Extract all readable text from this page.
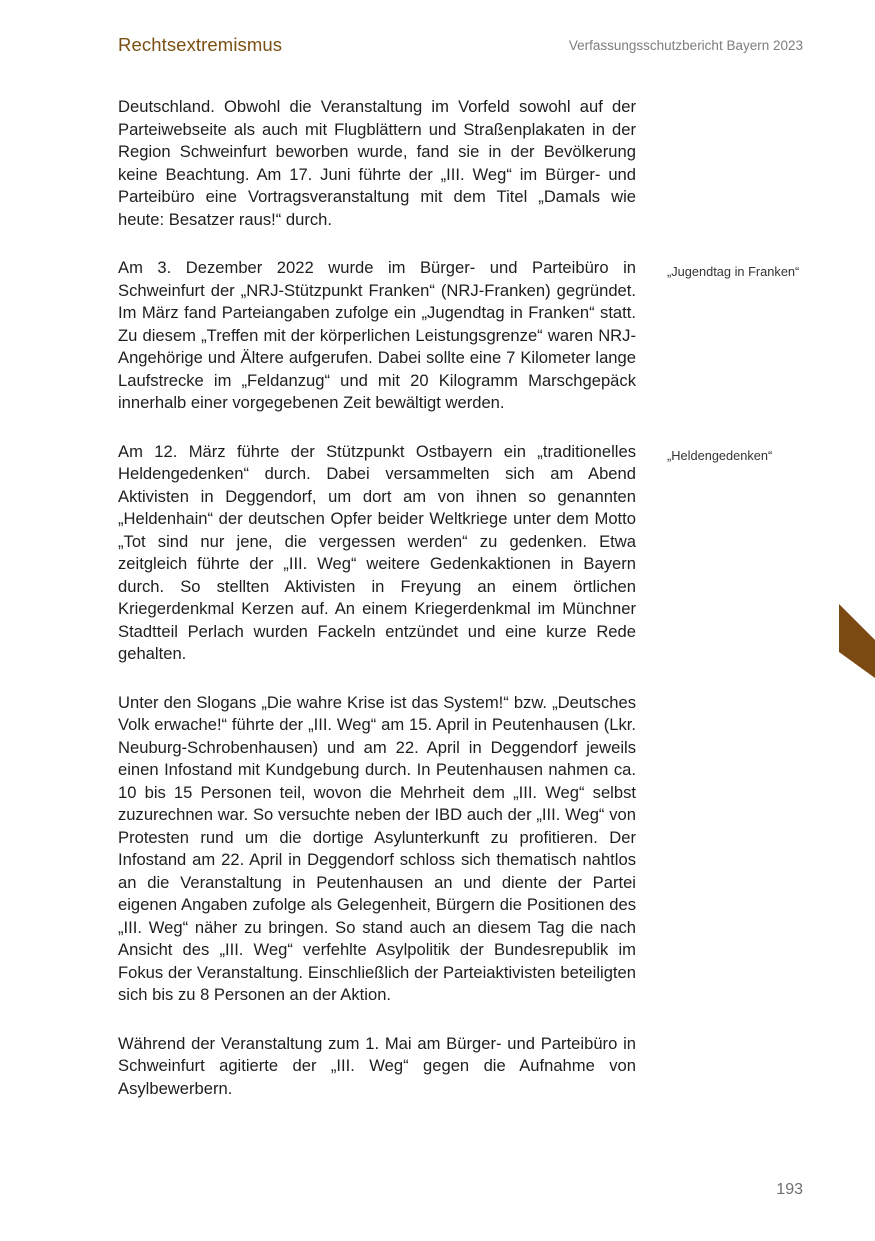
Rechtsextremismus	Verfassungsschutzbericht Bayern 2023
Deutschland. Obwohl die Veranstaltung im Vorfeld sowohl auf der Parteiwebseite als auch mit Flugblättern und Straßenplakaten in der Region Schweinfurt beworben wurde, fand sie in der Bevölkerung keine Beachtung. Am 17. Juni führte der „III. Weg“ im Bürger- und Parteibüro eine Vortragsveranstaltung mit dem Titel „Damals wie heute: Besatzer raus!“ durch.
Am 3. Dezember 2022 wurde im Bürger- und Parteibüro in Schweinfurt der „NRJ-Stützpunkt Franken“ (NRJ-Franken) gegründet. Im März fand Parteiangaben zufolge ein „Jugendtag in Franken“ statt. Zu diesem „Treffen mit der körperlichen Leistungsgrenze“ waren NRJ-Angehörige und Ältere aufgerufen. Dabei sollte eine 7 Kilometer lange Laufstrecke im „Feldanzug“ und mit 20 Kilogramm Marschgepäck innerhalb einer vorgegebenen Zeit bewältigt werden.
„Jugendtag in Franken“
Am 12. März führte der Stützpunkt Ostbayern ein „traditionelles Heldengedenken“ durch. Dabei versammelten sich am Abend Aktivisten in Deggendorf, um dort am von ihnen so genannten „Heldenhain“ der deutschen Opfer beider Weltkriege unter dem Motto „Tot sind nur jene, die vergessen werden“ zu gedenken. Etwa zeitgleich führte der „III. Weg“ weitere Gedenkaktionen in Bayern durch. So stellten Aktivisten in Freyung an einem örtlichen Kriegerdenkmal Kerzen auf. An einem Kriegerdenkmal im Münchner Stadtteil Perlach wurden Fackeln entzündet und eine kurze Rede gehalten.
„Heldengedenken“
Unter den Slogans „Die wahre Krise ist das System!“ bzw. „Deutsches Volk erwache!“ führte der „III. Weg“ am 15. April in Peutenhausen (Lkr. Neuburg-Schrobenhausen) und am 22. April in Deggendorf jeweils einen Infostand mit Kundgebung durch. In Peutenhausen nahmen ca. 10 bis 15 Personen teil, wovon die Mehrheit dem „III. Weg“ selbst zuzurechnen war. So versuchte neben der IBD auch der „III. Weg“ von Protesten rund um die dortige Asylunterkunft zu profitieren. Der Infostand am 22. April in Deggendorf schloss sich thematisch nahtlos an die Veranstaltung in Peutenhausen an und diente der Partei eigenen Angaben zufolge als Gelegenheit, Bürgern die Positionen des „III. Weg“ näher zu bringen. So stand auch an diesem Tag die nach Ansicht des „III. Weg“ verfehlte Asylpolitik der Bundesrepublik im Fokus der Veranstaltung. Einschließlich der Parteiaktivisten beteiligten sich bis zu 8 Personen an der Aktion.
Während der Veranstaltung zum 1. Mai am Bürger- und Parteibüro in Schweinfurt agitierte der „III. Weg“ gegen die Aufnahme von Asylbewerbern.
193
